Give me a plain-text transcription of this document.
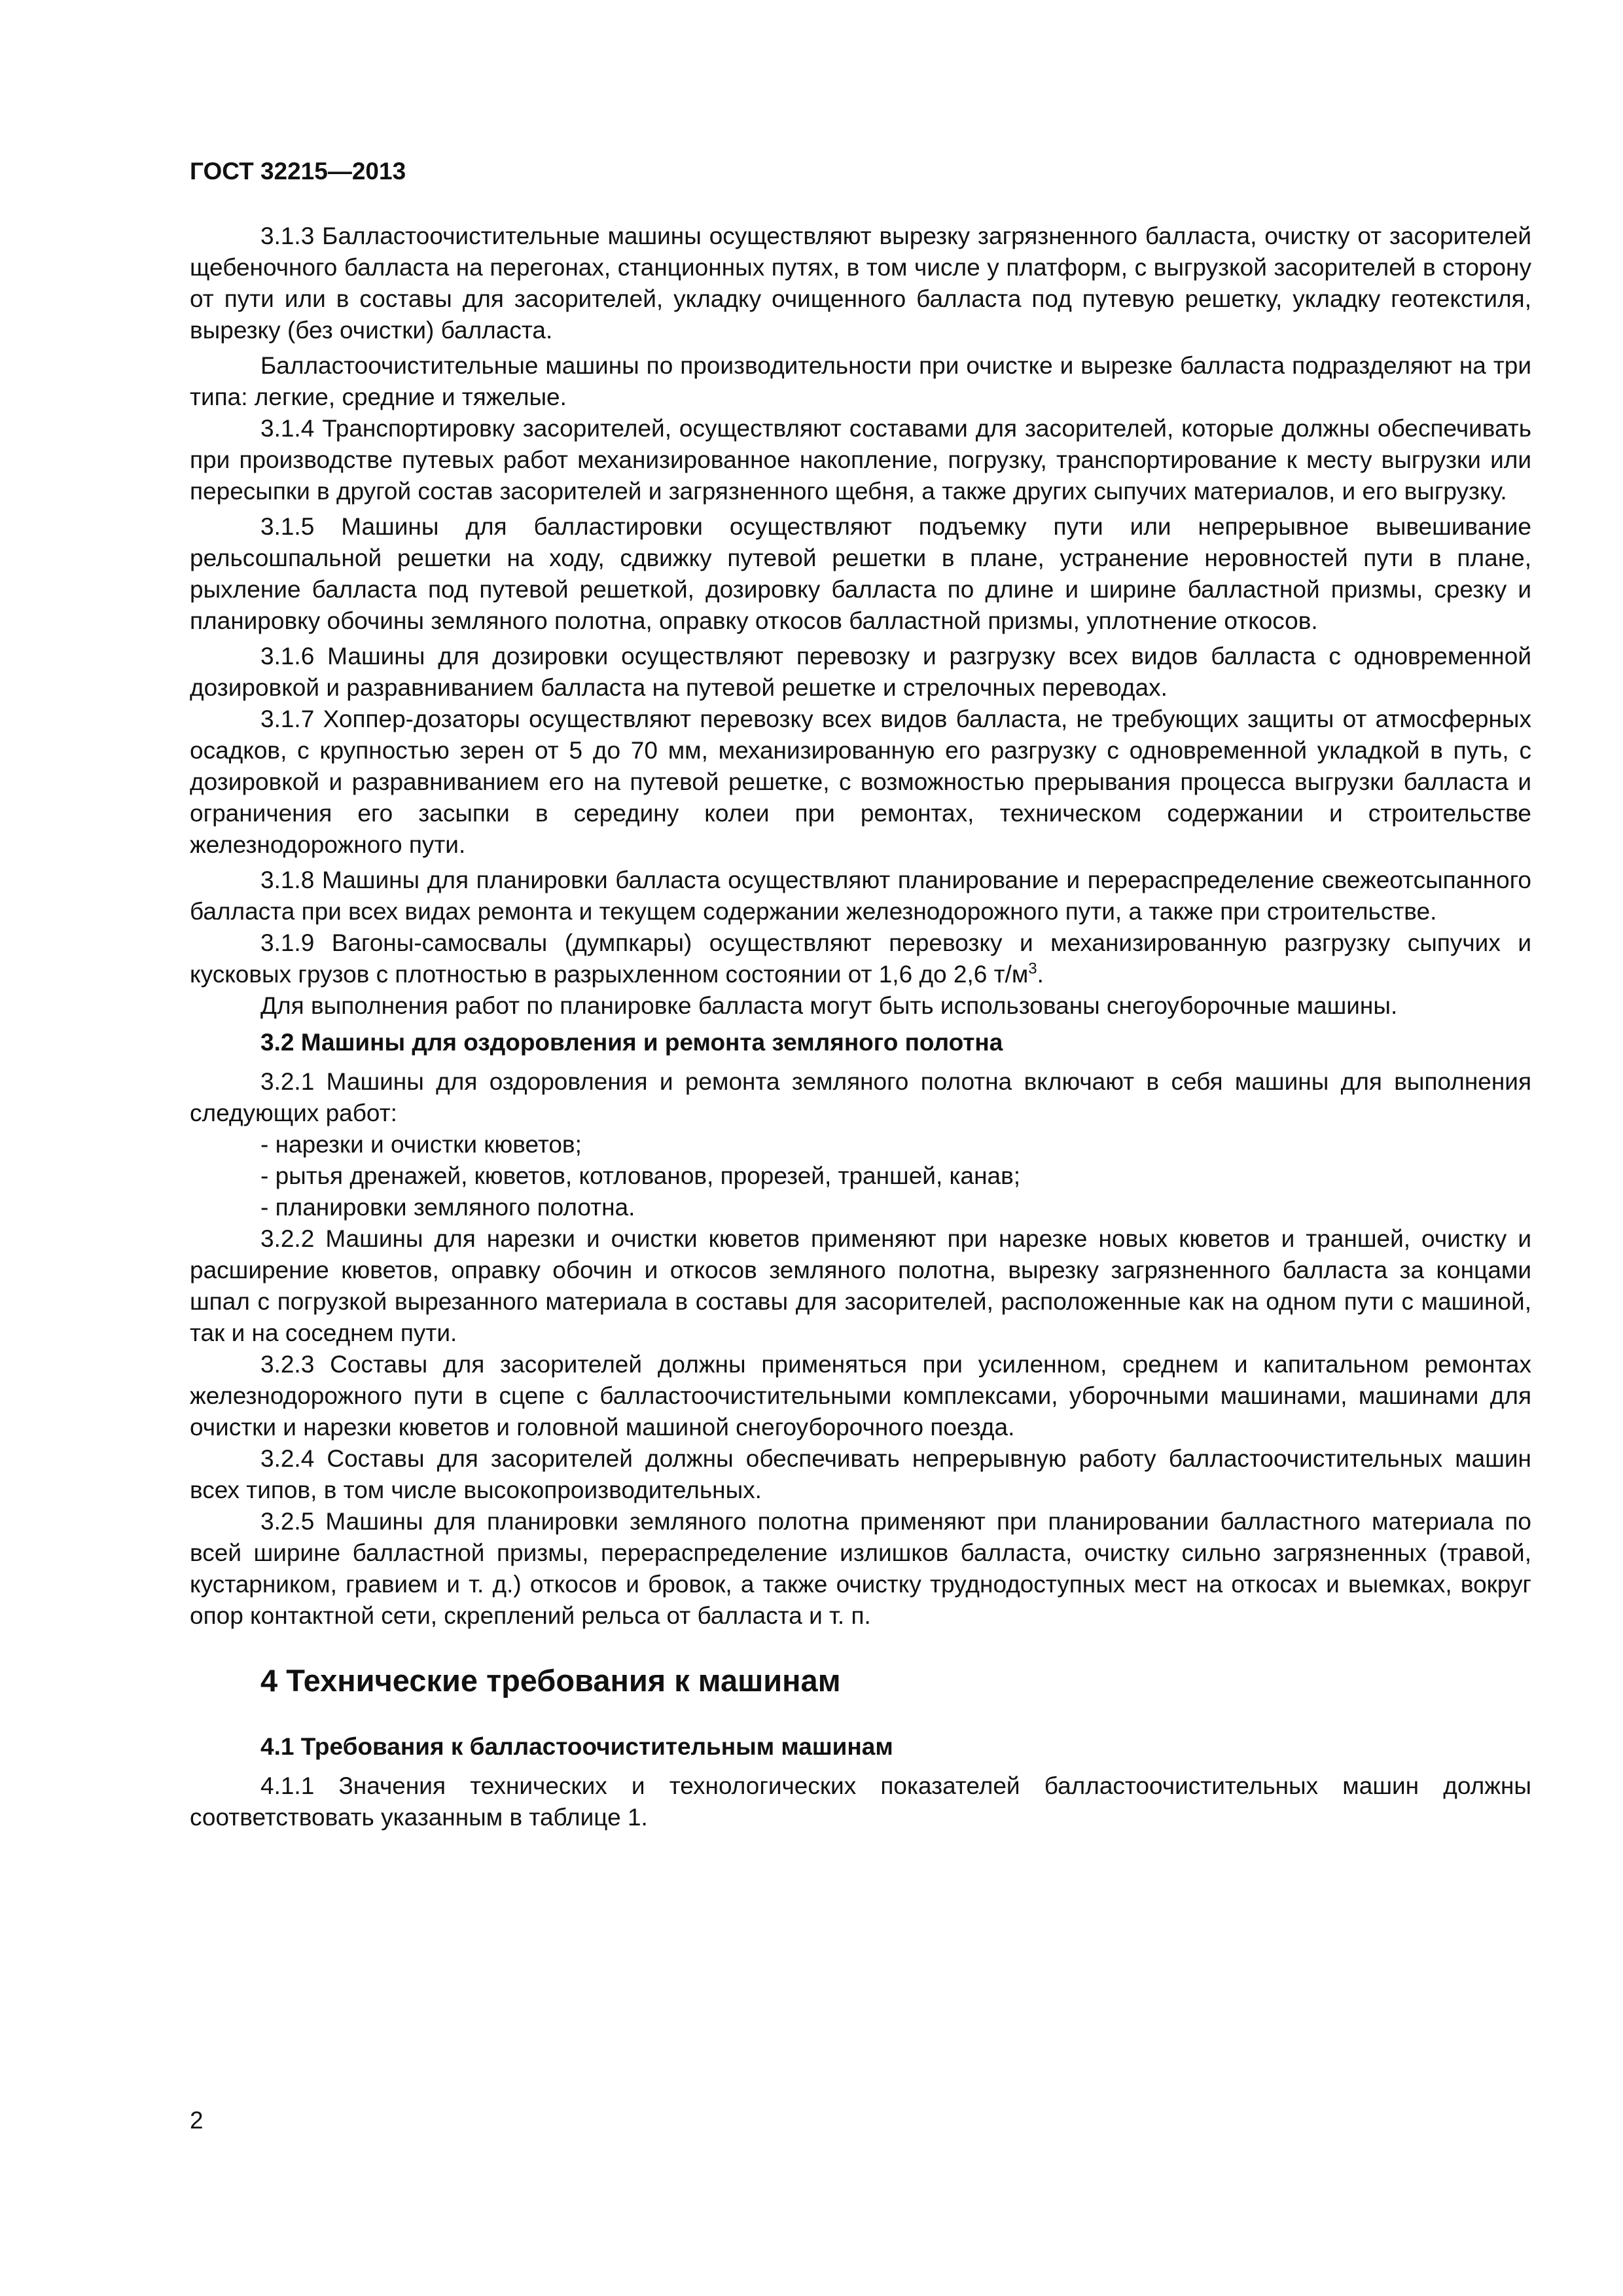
ГОСТ 32215—2013

3.1.3 Балластоочистительные машины осуществляют вырезку загрязненного балласта, очистку от засорителей щебеночного балласта на перегонах, станционных путях, в том числе у платформ, с выгрузкой засорителей в сторону от пути или в составы для засорителей, укладку очищенного балласта под путевую решетку, укладку геотекстиля, вырезку (без очистки) балласта.

Балластоочистительные машины по производительности при очистке и вырезке балласта подразделяют на три типа: легкие, средние и тяжелые.

3.1.4 Транспортировку засорителей, осуществляют составами для засорителей, которые должны обеспечивать при производстве путевых работ механизированное накопление, погрузку, транспортирование к месту выгрузки или пересыпки в другой состав засорителей и загрязненного щебня, а также других сыпучих материалов, и его выгрузку.

3.1.5 Машины для балластировки осуществляют подъемку пути или непрерывное вывешивание рельсошпальной решетки на ходу, сдвижку путевой решетки в плане, устранение неровностей пути в плане, рыхление балласта под путевой решеткой, дозировку балласта по длине и ширине балластной призмы, срезку и планировку обочины земляного полотна, оправку откосов балластной призмы, уплотнение откосов.

3.1.6 Машины для дозировки осуществляют перевозку и разгрузку всех видов балласта с одновременной дозировкой и разравниванием балласта на путевой решетке и стрелочных переводах.

3.1.7 Хоппер-дозаторы осуществляют перевозку всех видов балласта, не требующих защиты от атмосферных осадков, с крупностью зерен от 5 до 70 мм, механизированную его разгрузку с одновременной укладкой в путь, с дозировкой и разравниванием его на путевой решетке, с возможностью прерывания процесса выгрузки балласта и ограничения его засыпки в середину колеи при ремонтах, техническом содержании и строительстве железнодорожного пути.

3.1.8 Машины для планировки балласта осуществляют планирование и перераспределение свежеотсыпанного балласта при всех видах ремонта и текущем содержании железнодорожного пути, а также при строительстве.

3.1.9 Вагоны-самосвалы (думпкары) осуществляют перевозку и механизированную разгрузку сыпучих и кусковых грузов с плотностью в разрыхленном состоянии от 1,6 до 2,6 $т/м^3$.

Для выполнения работ по планировке балласта могут быть использованы снегоуборочные машины.

3.2 Машины для оздоровления и ремонта земляного полотна

3.2.1 Машины для оздоровления и ремонта земляного полотна включают в себя машины для выполнения следующих работ:

- нарезки и очистки кюветов;
- рытья дренажей, кюветов, котлованов, прорезей, траншей, канав;
- планировки земляного полотна.

3.2.2 Машины для нарезки и очистки кюветов применяют при нарезке новых кюветов и траншей, очистку и расширение кюветов, оправку обочин и откосов земляного полотна, вырезку загрязненного балласта за концами шпал с погрузкой вырезанного материала в составы для засорителей, расположенные как на одном пути с машиной, так и на соседнем пути.

3.2.3 Составы для засорителей должны применяться при усиленном, среднем и капитальном ремонтах железнодорожного пути в сцепе с балластоочистительными комплексами, уборочными машинами, машинами для очистки и нарезки кюветов и головной машиной снегоуборочного поезда.

3.2.4 Составы для засорителей должны обеспечивать непрерывную работу балластоочистительных машин всех типов, в том числе высокопроизводительных.

3.2.5 Машины для планировки земляного полотна применяют при планировании балластного материала по всей ширине балластной призмы, перераспределение излишков балласта, очистку сильно загрязненных (травой, кустарником, гравием и т. д.) откосов и бровок, а также очистку труднодоступных мест на откосах и выемках, вокруг опор контактной сети, скреплений рельса от балласта и т. п.

4 Технические требования к машинам
4.1 Требования к балластоочистительным машинам

4.1.1 Значения технических и технологических показателей балластоочистительных машин должны соответствовать указанным в таблице 1.

2
